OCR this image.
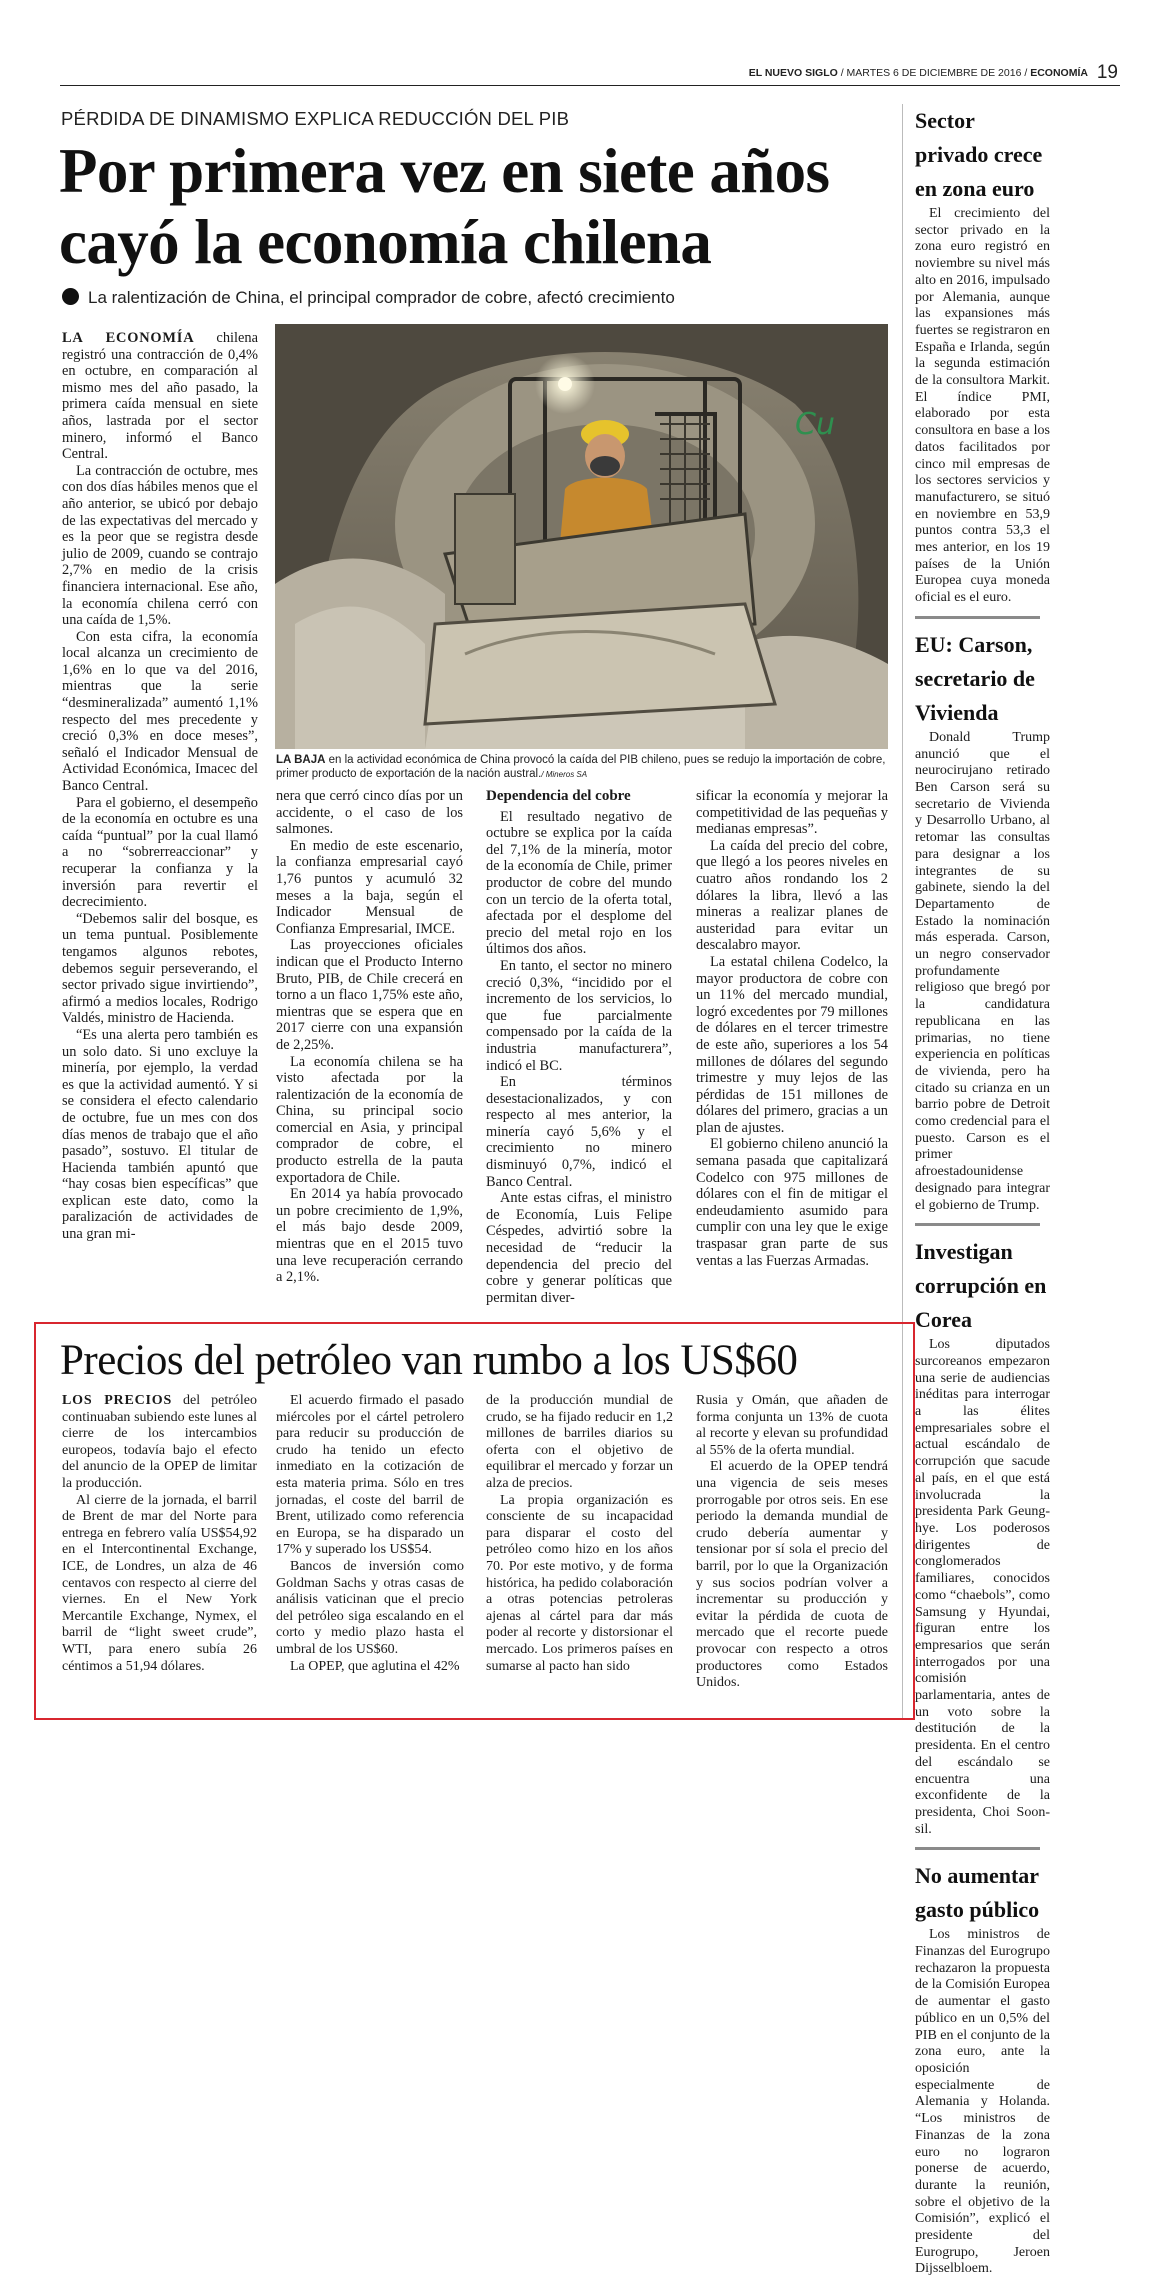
EL NUEVO SIGLO / MARTES 6 DE DICIEMBRE DE 2016 / ECONOMÍA 19
PÉRDIDA DE DINAMISMO EXPLICA REDUCCIÓN DEL PIB
Por primera vez en siete años
cayó la economía chilena
La ralentización de China, el principal comprador de cobre, afectó crecimiento

LA ECONOMÍA chilena registró una contracción de 0,4% en octubre, en comparación al mismo mes del año pasado, la primera caída mensual en siete años, lastrada por el sector minero, informó el Banco Central.

La contracción de octubre, mes con dos días hábiles menos que el año anterior, se ubicó por debajo de las expectativas del mercado y es la peor que se registra desde julio de 2009, cuando se contrajo 2,7% en medio de la crisis financiera internacional. Ese año, la economía chilena cerró con una caída de 1,5%.

Con esta cifra, la economía local alcanza un crecimiento de 1,6% en lo que va del 2016, mientras que la serie “desmineralizada” aumentó 1,1% respecto del mes precedente y creció 0,3% en doce meses”, señaló el Indicador Mensual de Actividad Económica, Imacec del Banco Central.

Para el gobierno, el desempeño de la economía en octubre es una caída “puntual” por la cual llamó a no “sobrerreaccionar” y recuperar la confianza y la inversión para revertir el decrecimiento.

“Debemos salir del bosque, es un tema puntual. Posiblemente tengamos algunos rebotes, debemos seguir perseverando, el sector privado sigue invirtiendo”, afirmó a medios locales, Rodrigo Valdés, ministro de Hacienda.

“Es una alerta pero también es un solo dato. Si uno excluye la minería, por ejemplo, la verdad es que la actividad aumentó. Y si se considera el efecto calendario de octubre, fue un mes con dos días menos de trabajo que el año pasado”, sostuvo. El titular de Hacienda también apuntó que “hay cosas bien específicas” que explican este dato, como la paralización de actividades de una gran mi-

Cu
LA BAJA en la actividad económica de China provocó la caída del PIB chileno, pues se redujo la importación de cobre, primer producto de exportación de la nación austral./ Mineros SA

nera que cerró cinco días por un accidente, o el caso de los salmones.

En medio de este escenario, la confianza empresarial cayó 1,76 puntos y acumuló 32 meses a la baja, según el Indicador Mensual de Confianza Empresarial, IMCE.

Las proyecciones oficiales indican que el Producto Interno Bruto, PIB, de Chile crecerá en torno a un flaco 1,75% este año, mientras que se espera que en 2017 cierre con una expansión de 2,25%.

La economía chilena se ha visto afectada por la ralentización de la economía de China, su principal socio comercial en Asia, y principal comprador de cobre, el producto estrella de la pauta exportadora de Chile.

En 2014 ya había provocado un pobre crecimiento de 1,9%, el más bajo desde 2009, mientras que en el 2015 tuvo una leve recuperación cerrando a 2,1%.

Dependencia del cobre

El resultado negativo de octubre se explica por la caída del 7,1% de la minería, motor de la economía de Chile, primer productor de cobre del mundo con un tercio de la oferta total, afectada por el desplome del precio del metal rojo en los últimos dos años.

En tanto, el sector no minero creció 0,3%, “incidido por el incremento de los servicios, lo que fue parcialmente compensado por la caída de la industria manufacturera”, indicó el BC.

En términos desestacionalizados, y con respecto al mes anterior, la minería cayó 5,6% y el crecimiento no minero disminuyó 0,7%, indicó el Banco Central.

Ante estas cifras, el ministro de Economía, Luis Felipe Céspedes, advirtió sobre la necesidad de “reducir la dependencia del precio del cobre y generar políticas que permitan diver-

sificar la economía y mejorar la competitividad de las pequeñas y medianas empresas”.

La caída del precio del cobre, que llegó a los peores niveles en cuatro años rondando los 2 dólares la libra, llevó a las mineras a realizar planes de austeridad para evitar un descalabro mayor.

La estatal chilena Codelco, la mayor productora de cobre con un 11% del mercado mundial, logró excedentes por 79 millones de dólares en el tercer trimestre de este año, superiores a los 54 millones de dólares del segundo trimestre y muy lejos de las pérdidas de 151 millones de dólares del primero, gracias a un plan de ajustes.

El gobierno chileno anunció la semana pasada que capitalizará Codelco con 975 millones de dólares con el fin de mitigar el endeudamiento asumido para cumplir con una ley que le exige traspasar gran parte de sus ventas a las Fuerzas Armadas.

Sector privado crece en zona euro
El crecimiento del sector privado en la zona euro registró en noviembre su nivel más alto en 2016, impulsado por Alemania, aunque las expansiones más fuertes se registraron en España e Irlanda, según la segunda estimación de la consultora Markit. El índice PMI, elaborado por esta consultora en base a los datos facilitados por cinco mil empresas de los sectores servicios y manufacturero, se situó en noviembre en 53,9 puntos contra 53,3 el mes anterior, en los 19 países de la Unión Europea cuya moneda oficial es el euro.
EU: Carson, secretario de Vivienda
Donald Trump anunció que el neurocirujano retirado Ben Carson será su secretario de Vivienda y Desarrollo Urbano, al retomar las consultas para designar a los integrantes de su gabinete, siendo la del Departamento de Estado la nominación más esperada. Carson, un negro conservador profundamente religioso que bregó por la candidatura republicana en las primarias, no tiene experiencia en políticas de vivienda, pero ha citado su crianza en un barrio pobre de Detroit como credencial para el puesto. Carson es el primer afroestadounidense designado para integrar el gobierno de Trump.
Investigan corrupción en Corea
Los diputados surcoreanos empezaron una serie de audiencias inéditas para interrogar a las élites empresariales sobre el actual escándalo de corrupción que sacude al país, en el que está involucrada la presidenta Park Geung-hye. Los poderosos dirigentes de conglomerados familiares, conocidos como “chaebols”, como Samsung y Hyundai, figuran entre los empresarios que serán interrogados por una comisión parlamentaria, antes de un voto sobre la destitución de la presidenta. En el centro del escándalo se encuentra una exconfidente de la presidenta, Choi Soon-sil.
No aumentar gasto público
Los ministros de Finanzas del Eurogrupo rechazaron la propuesta de la Comisión Europea de aumentar el gasto público en un 0,5% del PIB en el conjunto de la zona euro, ante la oposición especialmente de Alemania y Holanda. “Los ministros de Finanzas de la zona euro no lograron ponerse de acuerdo, durante la reunión, sobre el objetivo de la Comisión”, explicó el presidente del Eurogrupo, Jeroen Dijsselbloem.
Precios del petróleo van rumbo a los US$60

LOS PRECIOS del petróleo continuaban subiendo este lunes al cierre de los intercambios europeos, todavía bajo el efecto del anuncio de la OPEP de limitar la producción.

Al cierre de la jornada, el barril de Brent de mar del Norte para entrega en febrero valía US$54,92 en el Intercontinental Exchange, ICE, de Londres, un alza de 46 centavos con respecto al cierre del viernes. En el New York Mercantile Exchange, Nymex, el barril de “light sweet crude”, WTI, para enero subía 26 céntimos a 51,94 dólares.

El acuerdo firmado el pasado miércoles por el cártel petrolero para reducir su producción de crudo ha tenido un efecto inmediato en la cotización de esta materia prima. Sólo en tres jornadas, el coste del barril de Brent, utilizado como referencia en Europa, se ha disparado un 17% y superado los US$54.

Bancos de inversión como Goldman Sachs y otras casas de análisis vaticinan que el precio del petróleo siga escalando en el corto y medio plazo hasta el umbral de los US$60.

La OPEP, que aglutina el 42%

de la producción mundial de crudo, se ha fijado reducir en 1,2 millones de barriles diarios su oferta con el objetivo de equilibrar el mercado y forzar un alza de precios.

La propia organización es consciente de su incapacidad para disparar el costo del petróleo como hizo en los años 70. Por este motivo, y de forma histórica, ha pedido colaboración a otras potencias petroleras ajenas al cártel para dar más poder al recorte y distorsionar el mercado. Los primeros países en sumarse al pacto han sido

Rusia y Omán, que añaden de forma conjunta un 13% de cuota al recorte y elevan su profundidad al 55% de la oferta mundial.

El acuerdo de la OPEP tendrá una vigencia de seis meses prorrogable por otros seis. En ese periodo la demanda mundial de crudo debería aumentar y tensionar por sí sola el precio del barril, por lo que la Organización y sus socios podrían volver a incrementar su producción y evitar la pérdida de cuota de mercado que el recorte puede provocar con respecto a otros productores como Estados Unidos.
